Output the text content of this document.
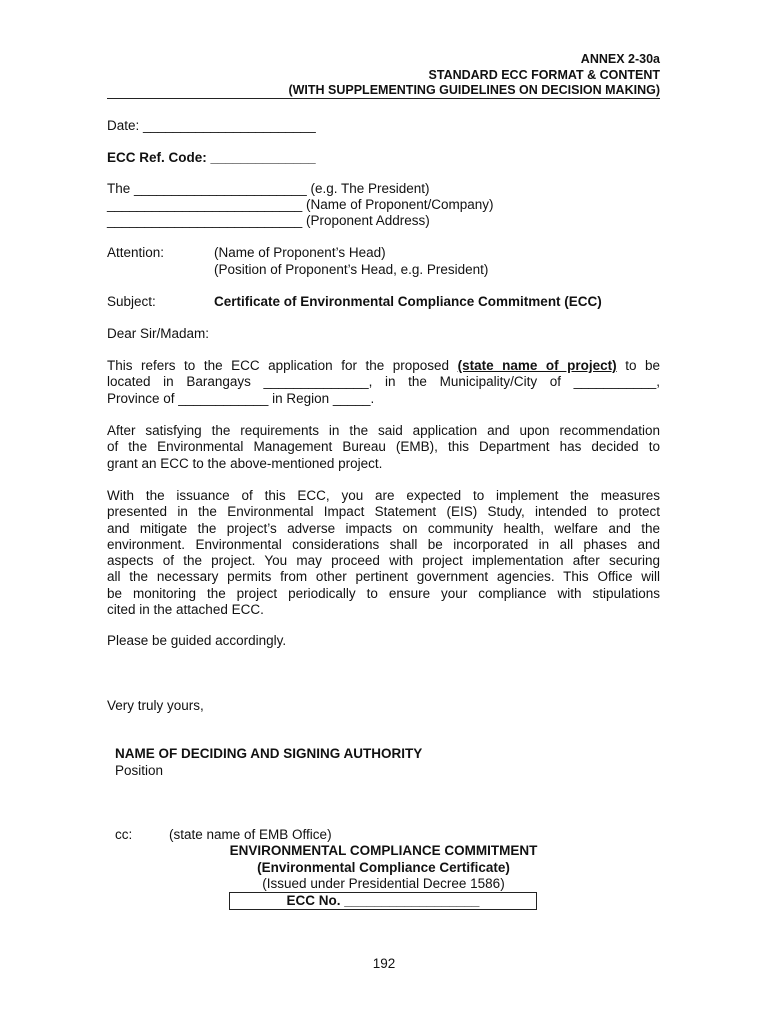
ANNEX 2-30a
STANDARD ECC FORMAT & CONTENT
(WITH SUPPLEMENTING GUIDELINES ON DECISION MAKING)
Date: _______________________
ECC Ref. Code: ______________
The _______________________ (e.g. The President)
__________________________ (Name of Proponent/Company)
__________________________ (Proponent Address)
Attention:	(Name of Proponent’s Head)
(Position of Proponent’s Head, e.g. President)
Subject:	Certificate of Environmental Compliance Commitment (ECC)
Dear Sir/Madam:
This refers to the ECC application for the proposed (state name of project) to be
located in Barangays ______________, in the Municipality/City of ___________,
Province of ____________ in Region _____.
After satisfying the requirements in the said application and upon recommendation
of the Environmental Management Bureau (EMB), this Department has decided to
grant an ECC to the above-mentioned project.
With the issuance of this ECC, you are expected to implement the measures
presented in the Environmental Impact Statement (EIS) Study, intended to protect
and mitigate the project’s adverse impacts on community health, welfare and the
environment. Environmental considerations shall be incorporated in all phases and
aspects of the project. You may proceed with project implementation after securing
all the necessary permits from other pertinent government agencies. This Office will
be monitoring the project periodically to ensure your compliance with stipulations
cited in the attached ECC.
Please be guided accordingly.
Very truly yours,
NAME OF DECIDING AND SIGNING AUTHORITY
Position
cc:	(state name of EMB Office)
ENVIRONMENTAL COMPLIANCE COMMITMENT
(Environmental Compliance Certificate)
(Issued under Presidential Decree 1586)
ECC No. __________________
192
